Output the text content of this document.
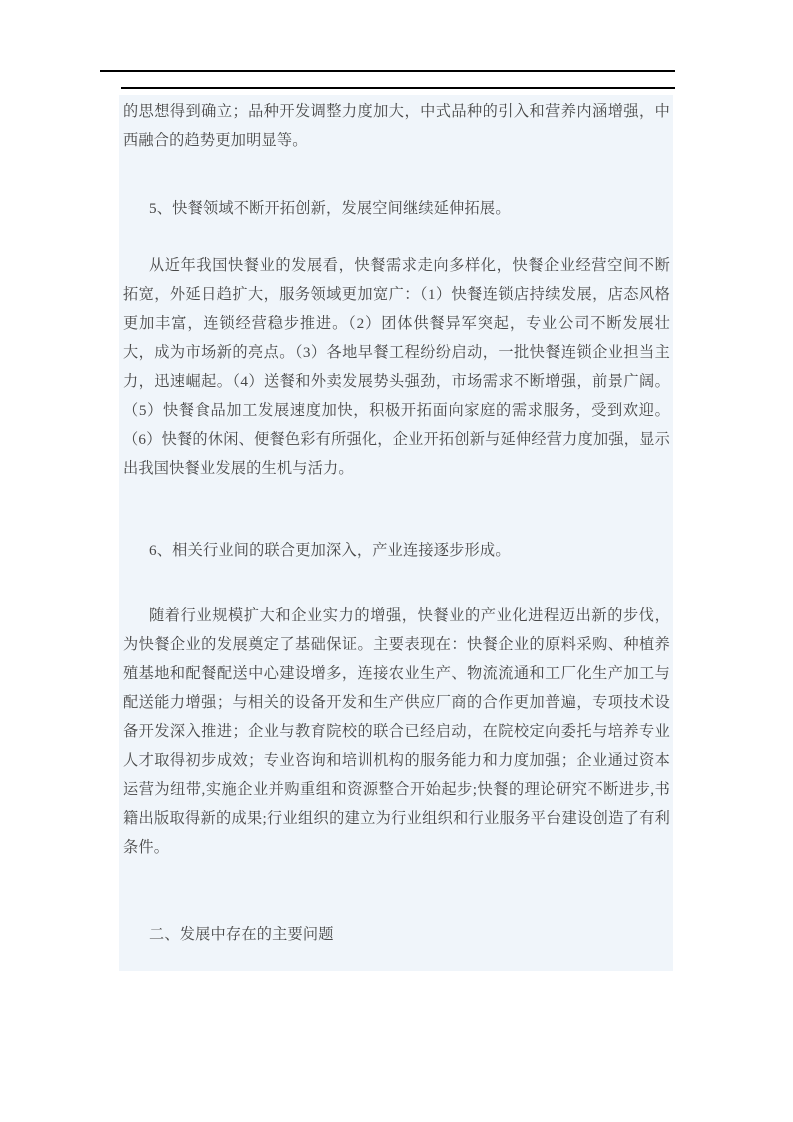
的思想得到确立；品种开发调整力度加大，中式品种的引入和营养内涵增强，中西融合的趋势更加明显等。

5、快餐领域不断开拓创新，发展空间继续延伸拓展。

从近年我国快餐业的发展看，快餐需求走向多样化，快餐企业经营空间不断拓宽，外延日趋扩大，服务领域更加宽广：（1）快餐连锁店持续发展，店态风格更加丰富，连锁经营稳步推进。（2）团体供餐异军突起，专业公司不断发展壮大，成为市场新的亮点。（3）各地早餐工程纷纷启动，一批快餐连锁企业担当主力，迅速崛起。（4）送餐和外卖发展势头强劲，市场需求不断增强，前景广阔。（5）快餐食品加工发展速度加快，积极开拓面向家庭的需求服务，受到欢迎。（6）快餐的休闲、便餐色彩有所强化，企业开拓创新与延伸经营力度加强，显示出我国快餐业发展的生机与活力。

6、相关行业间的联合更加深入，产业连接逐步形成。

随着行业规模扩大和企业实力的增强，快餐业的产业化进程迈出新的步伐，为快餐企业的发展奠定了基础保证。主要表现在：快餐企业的原料采购、种植养殖基地和配餐配送中心建设增多，连接农业生产、物流流通和工厂化生产加工与配送能力增强；与相关的设备开发和生产供应厂商的合作更加普遍，专项技术设备开发深入推进；企业与教育院校的联合已经启动，在院校定向委托与培养专业人才取得初步成效；专业咨询和培训机构的服务能力和力度加强；企业通过资本运营为纽带,实施企业并购重组和资源整合开始起步;快餐的理论研究不断进步,书籍出版取得新的成果;行业组织的建立为行业组织和行业服务平台建设创造了有利条件。

二、发展中存在的主要问题
